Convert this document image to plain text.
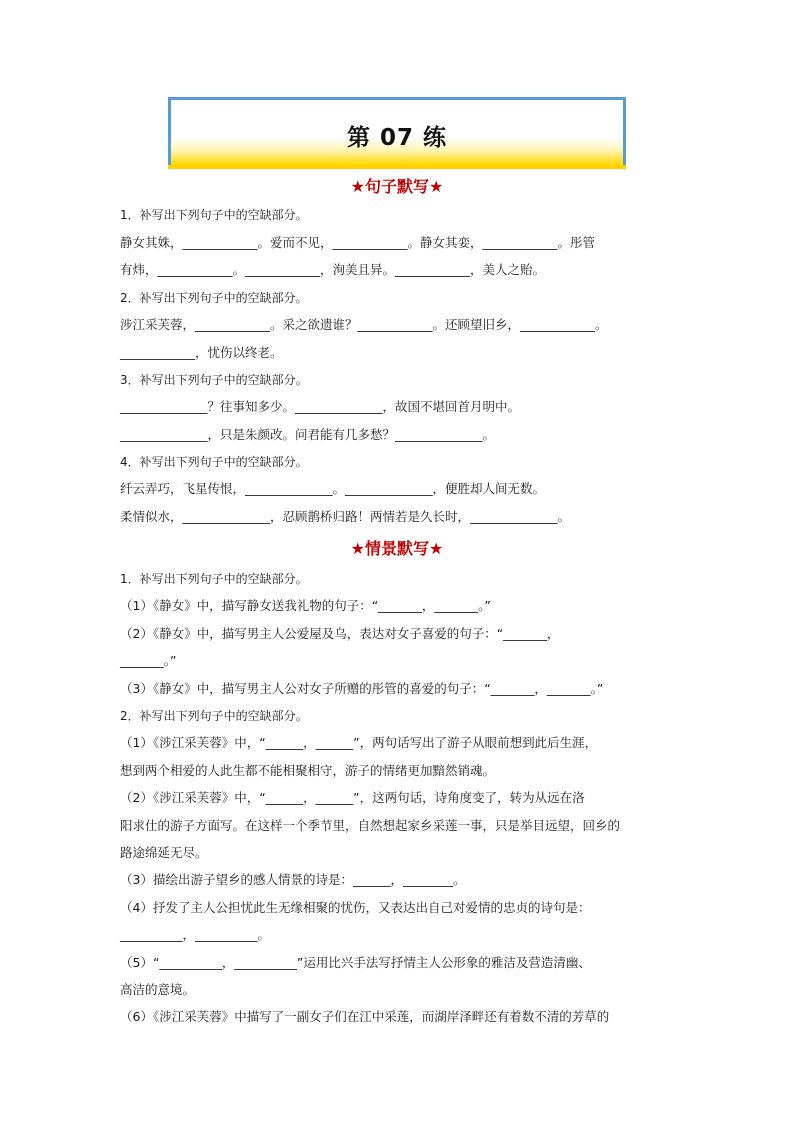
第 07 练
★句子默写★
1．补写出下列句子中的空缺部分。
静女其姝，____________。爱而不见，____________。静女其娈，____________。彤管
有炜，____________。____________，洵美且异。____________，美人之贻。
2．补写出下列句子中的空缺部分。
涉江采芙蓉，____________。采之欲遗谁？____________。还顾望旧乡，____________。
____________，忧伤以终老。
3．补写出下列句子中的空缺部分。
______________？往事知多少。______________，故国不堪回首月明中。
______________，只是朱颜改。问君能有几多愁？______________。
4．补写出下列句子中的空缺部分。
纤云弄巧，飞星传恨，______________。______________，便胜却人间无数。
柔情似水，______________，忍顾鹊桥归路！两情若是久长时，______________。
★情景默写★
1．补写出下列句子中的空缺部分。
（1）《静女》中，描写静女送我礼物的句子：“_______，_______。”
（2）《静女》中，描写男主人公爱屋及乌，表达对女子喜爱的句子：“_______，
_______。”
（3）《静女》中，描写男主人公对女子所赠的彤管的喜爱的句子：“_______，_______。”
2．补写出下列句子中的空缺部分。
（1）《涉江采芙蓉》中，“______，______”，两句话写出了游子从眼前想到此后生涯，
想到两个相爱的人此生都不能相聚相守，游子的情绪更加黯然销魂。
（2）《涉江采芙蓉》中，“______，______”，这两句话，诗角度变了，转为从远在洛
阳求仕的游子方面写。在这样一个季节里，自然想起家乡采莲一事，只是举目远望，回乡的
路途绵延无尽。
（3）描绘出游子望乡的感人情景的诗是：______，________。
（4）抒发了主人公担忧此生无缘相聚的忧伤，又表达出自己对爱情的忠贞的诗句是：
__________，__________。
（5）“__________，__________”运用比兴手法写抒情主人公形象的雅洁及营造清幽、
高洁的意境。
（6）《涉江采芙蓉》中描写了一副女子们在江中采莲，而湖岸泽畔还有着数不清的芳草的
